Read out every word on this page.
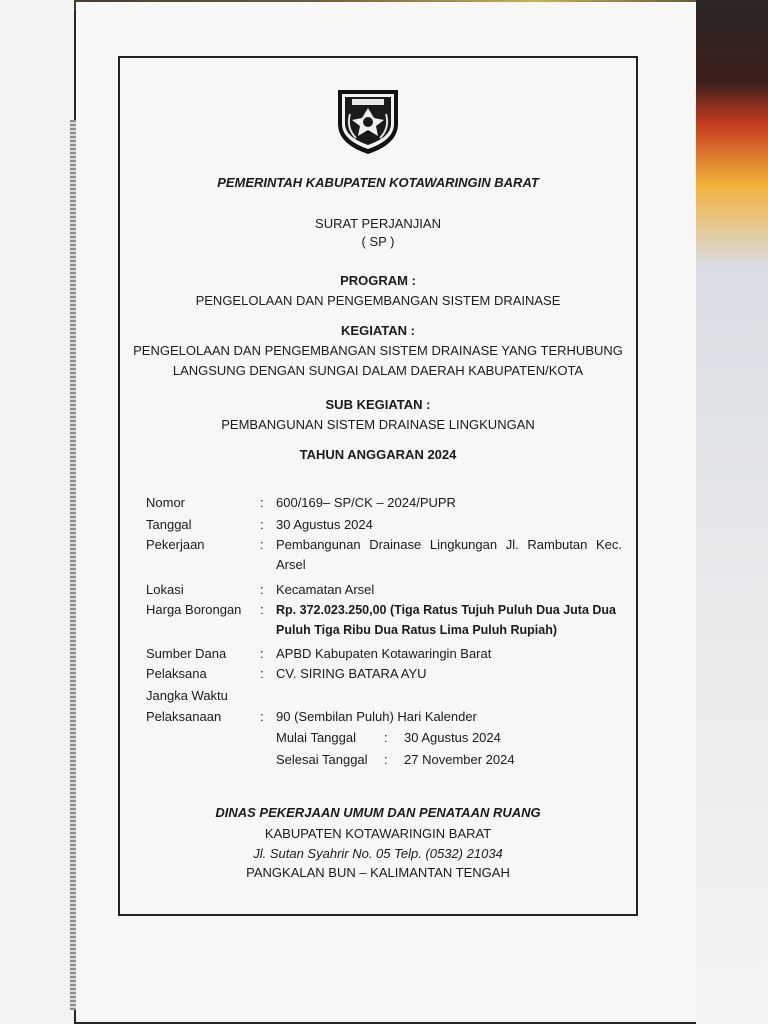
PEMERINTAH KABUPATEN KOTAWARINGIN BARAT
SURAT PERJANJIAN
( SP )
PROGRAM :
PENGELOLAAN DAN PENGEMBANGAN SISTEM DRAINASE
KEGIATAN :
PENGELOLAAN DAN PENGEMBANGAN SISTEM DRAINASE YANG TERHUBUNG
LANGSUNG DENGAN SUNGAI DALAM DAERAH KABUPATEN/KOTA
SUB KEGIATAN :
PEMBANGUNAN SISTEM DRAINASE LINGKUNGAN
TAHUN ANGGARAN 2024
Nomor	: 600/169– SP/CK – 2024/PUPR
Tanggal	: 30 Agustus 2024
Pekerjaan	: Pembangunan Drainase Lingkungan Jl. Rambutan Kec. Arsel
Lokasi	: Kecamatan Arsel
Harga Borongan : Rp. 372.023.250,00 (Tiga Ratus Tujuh Puluh Dua Juta Dua Puluh Tiga Ribu Dua Ratus Lima Puluh Rupiah)
Sumber Dana	: APBD Kabupaten Kotawaringin Barat
Pelaksana	: CV. SIRING BATARA AYU
Jangka Waktu
Pelaksanaan	: 90 (Sembilan Puluh) Hari Kalender
Mulai Tanggal : 30 Agustus 2024
Selesai Tanggal : 27 November 2024
DINAS PEKERJAAN UMUM DAN PENATAAN RUANG
KABUPATEN KOTAWARINGIN BARAT
Jl. Sutan Syahrir No. 05 Telp. (0532) 21034
PANGKALAN BUN – KALIMANTAN TENGAH
